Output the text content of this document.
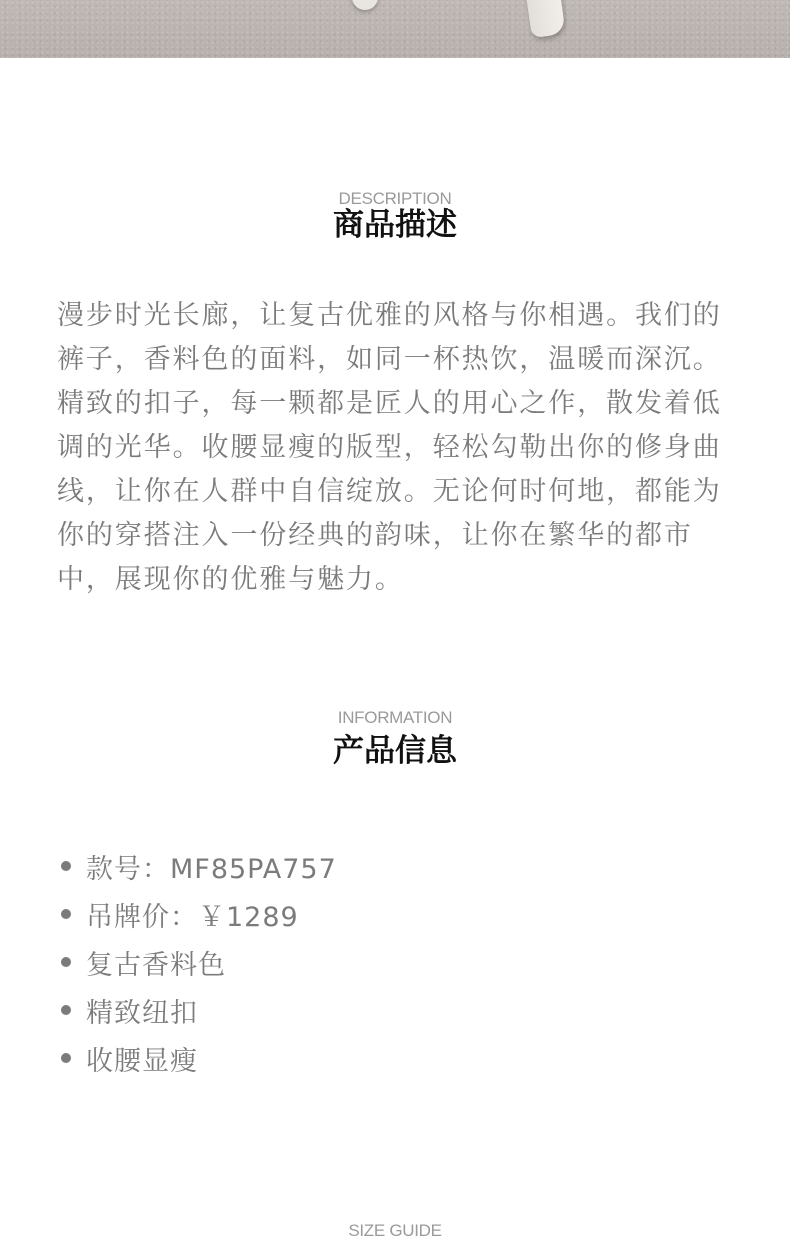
DESCRIPTION
商品描述

漫步时光长廊，让复古优雅的风格与你相遇。我们的裤子，香料色的面料，如同一杯热饮，温暖而深沉。精致的扣子，每一颗都是匠人的用心之作，散发着低调的光华。收腰显瘦的版型，轻松勾勒出你的修身曲线，让你在人群中自信绽放。无论何时何地，都能为你的穿搭注入一份经典的韵味，让你在繁华的都市中，展现你的优雅与魅力。

INFORMATION
产品信息
款号：MF85PA757
吊牌价：￥1289
复古香料色
精致纽扣
收腰显瘦
SIZE GUIDE
